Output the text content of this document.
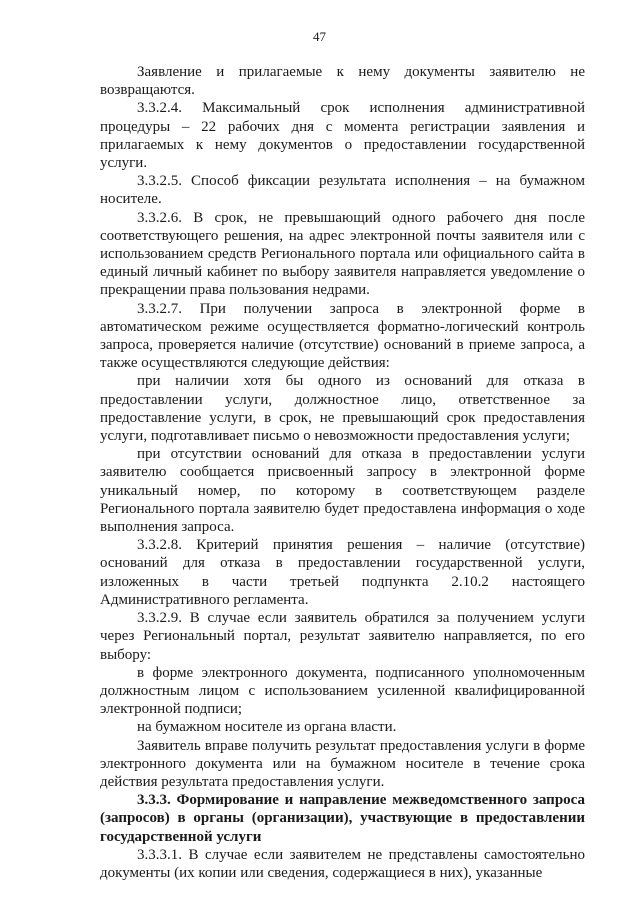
47

Заявление и прилагаемые к нему документы заявителю не возвращаются.

3.3.2.4. Максимальный срок исполнения административной процедуры – 22 рабочих дня с момента регистрации заявления и прилагаемых к нему документов о предоставлении государственной услуги.

3.3.2.5. Способ фиксации результата исполнения – на бумажном носителе.

3.3.2.6. В срок, не превышающий одного рабочего дня после соответствующего решения, на адрес электронной почты заявителя или с использованием средств Регионального портала или официального сайта в единый личный кабинет по выбору заявителя направляется уведомление о прекращении права пользования недрами.

3.3.2.7. При получении запроса в электронной форме в автоматическом режиме осуществляется форматно-логический контроль запроса, проверяется наличие (отсутствие) оснований в приеме запроса, а также осуществляются следующие действия:

при наличии хотя бы одного из оснований для отказа в предоставлении услуги, должностное лицо, ответственное за предоставление услуги, в срок, не превышающий срок предоставления услуги, подготавливает письмо о невозможности предоставления услуги;

при отсутствии оснований для отказа в предоставлении услуги заявителю сообщается присвоенный запросу в электронной форме уникальный номер, по которому в соответствующем разделе Регионального портала заявителю будет предоставлена информация о ходе выполнения запроса.

3.3.2.8. Критерий принятия решения – наличие (отсутствие) оснований для отказа в предоставлении государственной услуги, изложенных в части третьей подпункта 2.10.2 настоящего Административного регламента.

3.3.2.9. В случае если заявитель обратился за получением услуги через Региональный портал, результат заявителю направляется, по его выбору:

в форме электронного документа, подписанного уполномоченным должностным лицом с использованием усиленной квалифицированной электронной подписи;

на бумажном носителе из органа власти.

Заявитель вправе получить результат предоставления услуги в форме электронного документа или на бумажном носителе в течение срока действия результата предоставления услуги.

3.3.3. Формирование и направление межведомственного запроса (запросов) в органы (организации), участвующие в предоставлении государственной услуги

3.3.3.1. В случае если заявителем не представлены самостоятельно документы (их копии или сведения, содержащиеся в них), указанные
